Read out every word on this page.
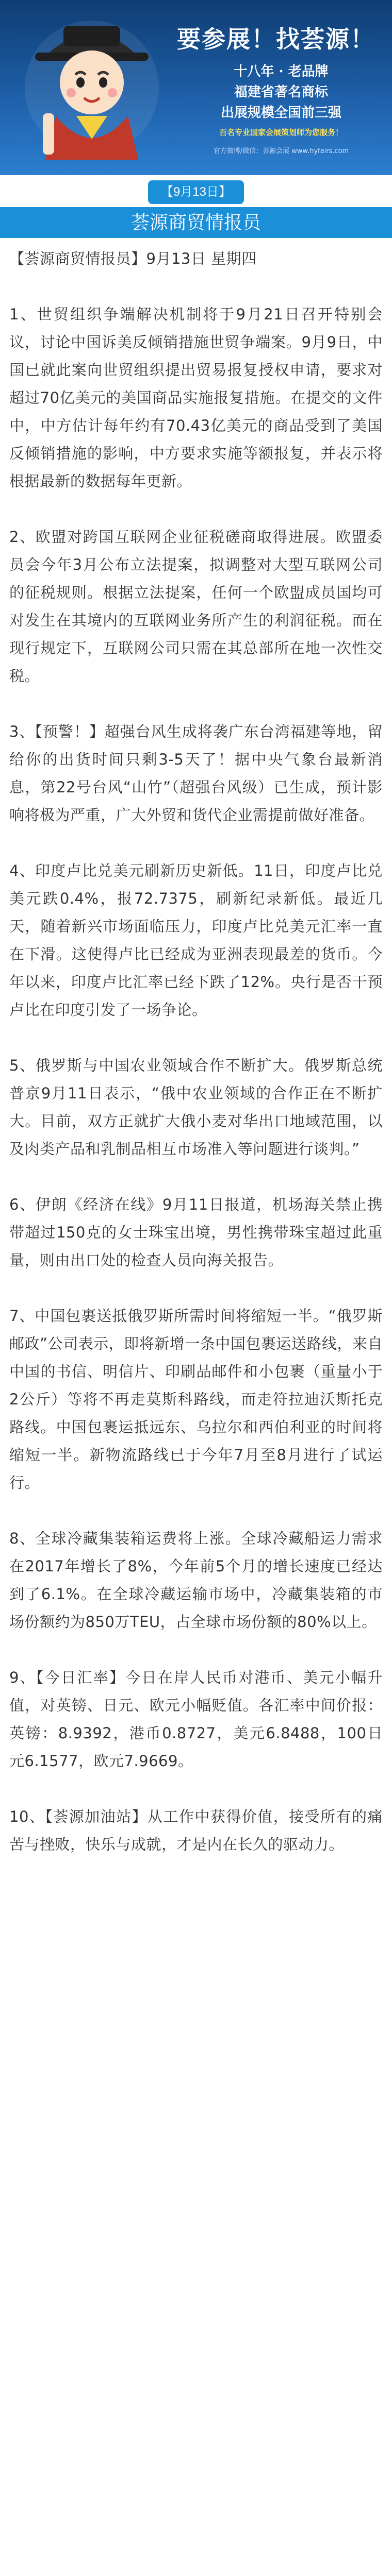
要参展！找荟源！
十八年 · 老品牌
福建省著名商标
出展规模全国前三强
百名专业国家会展策划师为您服务！
官方微博/微信：荟源会展 www.hyfairs.com
【9月13日】
荟源商贸情报员
【荟源商贸情报员】9月13日 星期四

1、世贸组织争端解决机制将于9月21日召开特别会议，讨论中国诉美反倾销措施世贸争端案。9月9日，中国已就此案向世贸组织提出贸易报复授权申请，要求对超过70亿美元的美国商品实施报复措施。在提交的文件中，中方估计每年约有70.43亿美元的商品受到了美国反倾销措施的影响，中方要求实施等额报复，并表示将根据最新的数据每年更新。

2、欧盟对跨国互联网企业征税磋商取得进展。欧盟委员会今年3月公布立法提案，拟调整对大型互联网公司的征税规则。根据立法提案，任何一个欧盟成员国均可对发生在其境内的互联网业务所产生的利润征税。而在现行规定下，互联网公司只需在其总部所在地一次性交税。

3、【预警！】超强台风生成将袭广东台湾福建等地，留给你的出货时间只剩3-5天了！据中央气象台最新消息，第22号台风“山竹”（超强台风级）已生成，预计影响将极为严重，广大外贸和货代企业需提前做好准备。

4、印度卢比兑美元刷新历史新低。11日，印度卢比兑美元跌0.4%，报72.7375，刷新纪录新低。最近几天，随着新兴市场面临压力，印度卢比兑美元汇率一直在下滑。这使得卢比已经成为亚洲表现最差的货币。今年以来，印度卢比汇率已经下跌了12%。央行是否干预卢比在印度引发了一场争论。

5、俄罗斯与中国农业领域合作不断扩大。俄罗斯总统普京9月11日表示，“俄中农业领域的合作正在不断扩大。目前，双方正就扩大俄小麦对华出口地域范围，以及肉类产品和乳制品相互市场准入等问题进行谈判。”

6、伊朗《经济在线》9月11日报道，机场海关禁止携带超过150克的女士珠宝出境，男性携带珠宝超过此重量，则由出口处的检查人员向海关报告。

7、中国包裹送抵俄罗斯所需时间将缩短一半。“俄罗斯邮政”公司表示，即将新增一条中国包裹运送路线，来自中国的书信、明信片、印刷品邮件和小包裹（重量小于2公斤）等将不再走莫斯科路线，而走符拉迪沃斯托克路线。中国包裹运抵远东、乌拉尔和西伯利亚的时间将缩短一半。新物流路线已于今年7月至8月进行了试运行。

8、全球冷藏集装箱运费将上涨。全球冷藏船运力需求在2017年增长了8%，今年前5个月的增长速度已经达到了6.1%。在全球冷藏运输市场中，冷藏集装箱的市场份额约为850万TEU，占全球市场份额的80%以上。

9、【今日汇率】今日在岸人民币对港币、美元小幅升值，对英镑、日元、欧元小幅贬值。各汇率中间价报：英镑：8.9392，港币0.8727，美元6.8488，100日元6.1577，欧元7.9669。

10、【荟源加油站】从工作中获得价值，接受所有的痛苦与挫败，快乐与成就，才是内在长久的驱动力。
